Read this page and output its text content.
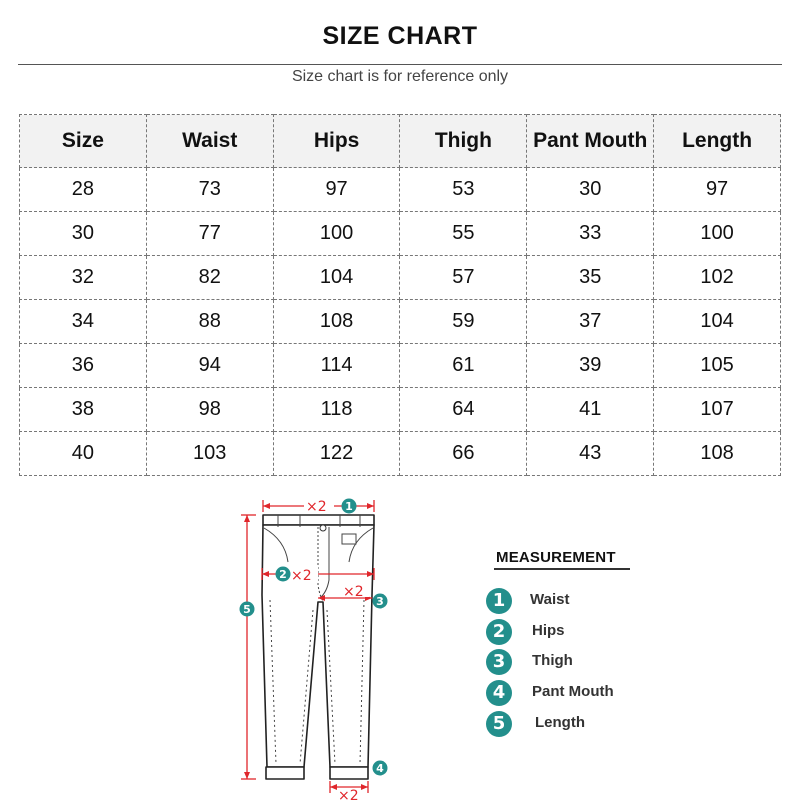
SIZE CHART
Size chart is for reference only
Size	Waist	Hips	Thigh	Pant Mouth	Length
28	73	97	53	30	97
30	77	100	55	33	100
32	82	104	57	35	102
34	88	108	59	37	104
36	94	114	61	39	105
38	98	118	64	41	107
40	103	122	66	43	108
×2
×2
×2
×2
1
2
3
4
5
MEASUREMENT
1	Waist
2	Hips
3	Thigh
4	Pant Mouth
5	Length
